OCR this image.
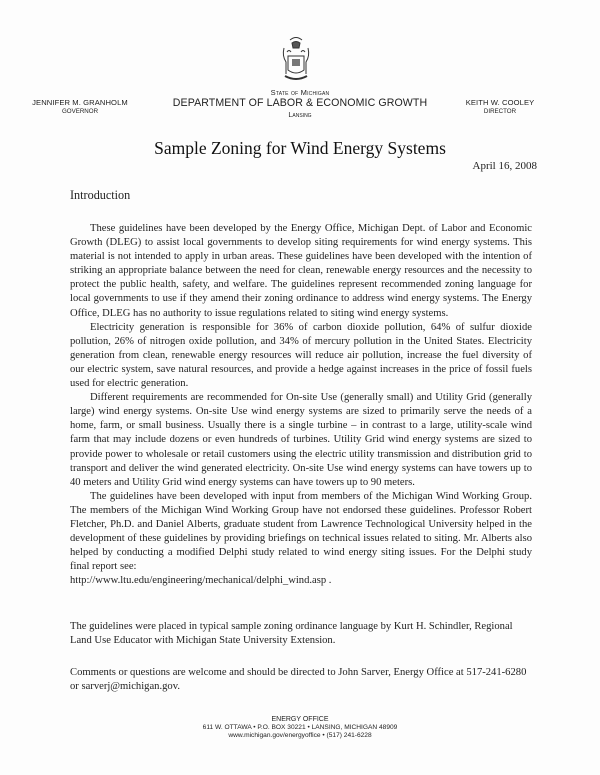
JENNIFER M. GRANHOLM
GOVERNOR
State of Michigan
DEPARTMENT OF LABOR & ECONOMIC GROWTH
Lansing
KEITH W. COOLEY
DIRECTOR
Sample Zoning for Wind Energy Systems
April 16, 2008
Introduction

These guidelines have been developed by the Energy Office, Michigan Dept. of Labor and Economic Growth (DLEG) to assist local governments to develop siting requirements for wind energy systems. This material is not intended to apply in urban areas. These guidelines have been developed with the intention of striking an appropriate balance between the need for clean, renewable energy resources and the necessity to protect the public health, safety, and welfare. The guidelines represent recommended zoning language for local governments to use if they amend their zoning ordinance to address wind energy systems. The Energy Office, DLEG has no authority to issue regulations related to siting wind energy systems.

Electricity generation is responsible for 36% of carbon dioxide pollution, 64% of sulfur dioxide pollution, 26% of nitrogen oxide pollution, and 34% of mercury pollution in the United States. Electricity generation from clean, renewable energy resources will reduce air pollution, increase the fuel diversity of our electric system, save natural resources, and provide a hedge against increases in the price of fossil fuels used for electric generation.

Different requirements are recommended for On-site Use (generally small) and Utility Grid (generally large) wind energy systems. On-site Use wind energy systems are sized to primarily serve the needs of a home, farm, or small business. Usually there is a single turbine – in contrast to a large, utility-scale wind farm that may include dozens or even hundreds of turbines. Utility Grid wind energy systems are sized to provide power to wholesale or retail customers using the electric utility transmission and distribution grid to transport and deliver the wind generated electricity. On-site Use wind energy systems can have towers up to 40 meters and Utility Grid wind energy systems can have towers up to 90 meters.

The guidelines have been developed with input from members of the Michigan Wind Working Group. The members of the Michigan Wind Working Group have not endorsed these guidelines. Professor Robert Fletcher, Ph.D. and Daniel Alberts, graduate student from Lawrence Technological University helped in the development of these guidelines by providing briefings on technical issues related to siting. Mr. Alberts also helped by conducting a modified Delphi study related to wind energy siting issues. For the Delphi study final report see:

http://www.ltu.edu/engineering/mechanical/delphi_wind.asp .

The guidelines were placed in typical sample zoning ordinance language by Kurt H. Schindler, Regional Land Use Educator with Michigan State University Extension.

Comments or questions are welcome and should be directed to John Sarver, Energy Office at 517-241-6280 or sarverj@michigan.gov.

ENERGY OFFICE
611 W. OTTAWA • P.O. BOX 30221 • LANSING, MICHIGAN 48909
www.michigan.gov/energyoffice • (517) 241-6228
